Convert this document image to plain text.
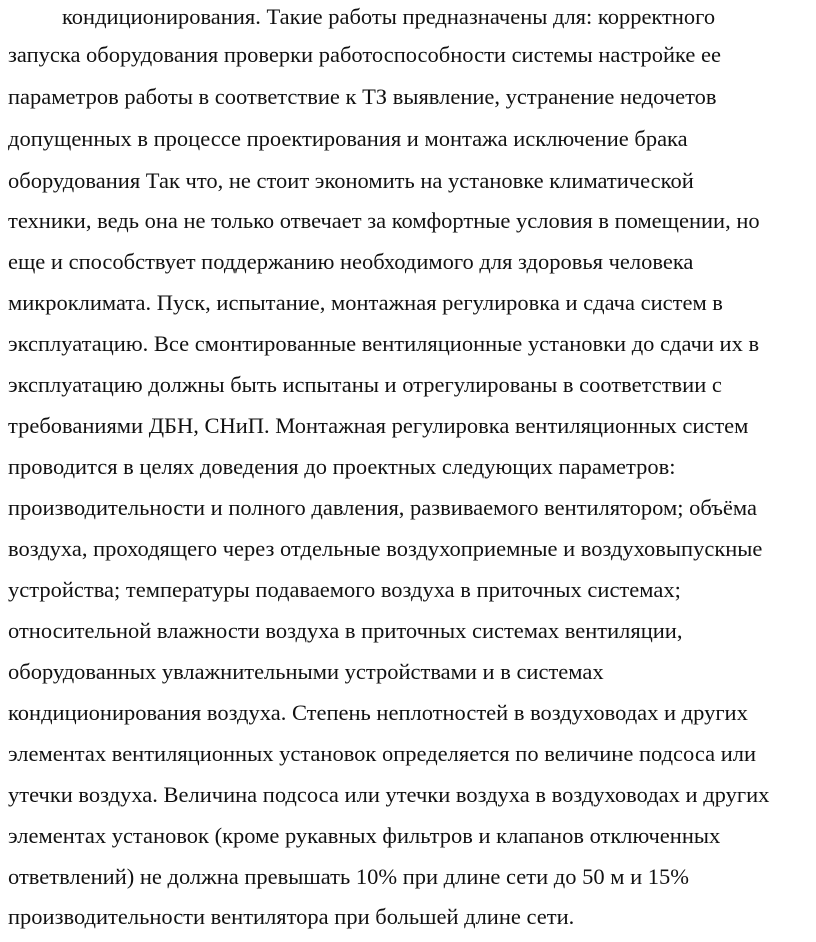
кондиционирования. Такие работы предназначены для: корректного
запуска оборудования проверки работоспособности системы настройке ее
параметров работы в соответствие к ТЗ выявление, устранение недочетов
допущенных в процессе проектирования и монтажа исключение брака
оборудования Так что, не стоит экономить на установке климатической
техники, ведь она не только отвечает за комфортные условия в помещении, но
еще и способствует поддержанию необходимого для здоровья человека
микроклимата. Пуск, испытание, монтажная регулировка и сдача систем в
эксплуатацию. Все смонтированные вентиляционные установки до сдачи их в
эксплуатацию должны быть испытаны и отрегулированы в соответствии с
требованиями ДБН, СНиП. Монтажная регулировка вентиляционных систем
проводится в целях доведения до проектных следующих параметров:
производительности и полного давления, развиваемого вентилятором; объёма
воздуха, проходящего через отдельные воздухоприемные и воздуховыпускные
устройства; температуры подаваемого воздуха в приточных системах;
относительной влажности воздуха в приточных системах вентиляции,
оборудованных увлажнительными устройствами и в системах
кондиционирования воздуха. Степень неплотностей в воздуховодах и других
элементах вентиляционных установок определяется по величине подсоса или
утечки воздуха. Величина подсоса или утечки воздуха в воздуховодах и других
элементах установок (кроме рукавных фильтров и клапанов отключенных
ответвлений) не должна превышать 10% при длине сети до 50 м и 15%
производительности вентилятора при большей длине сети.
